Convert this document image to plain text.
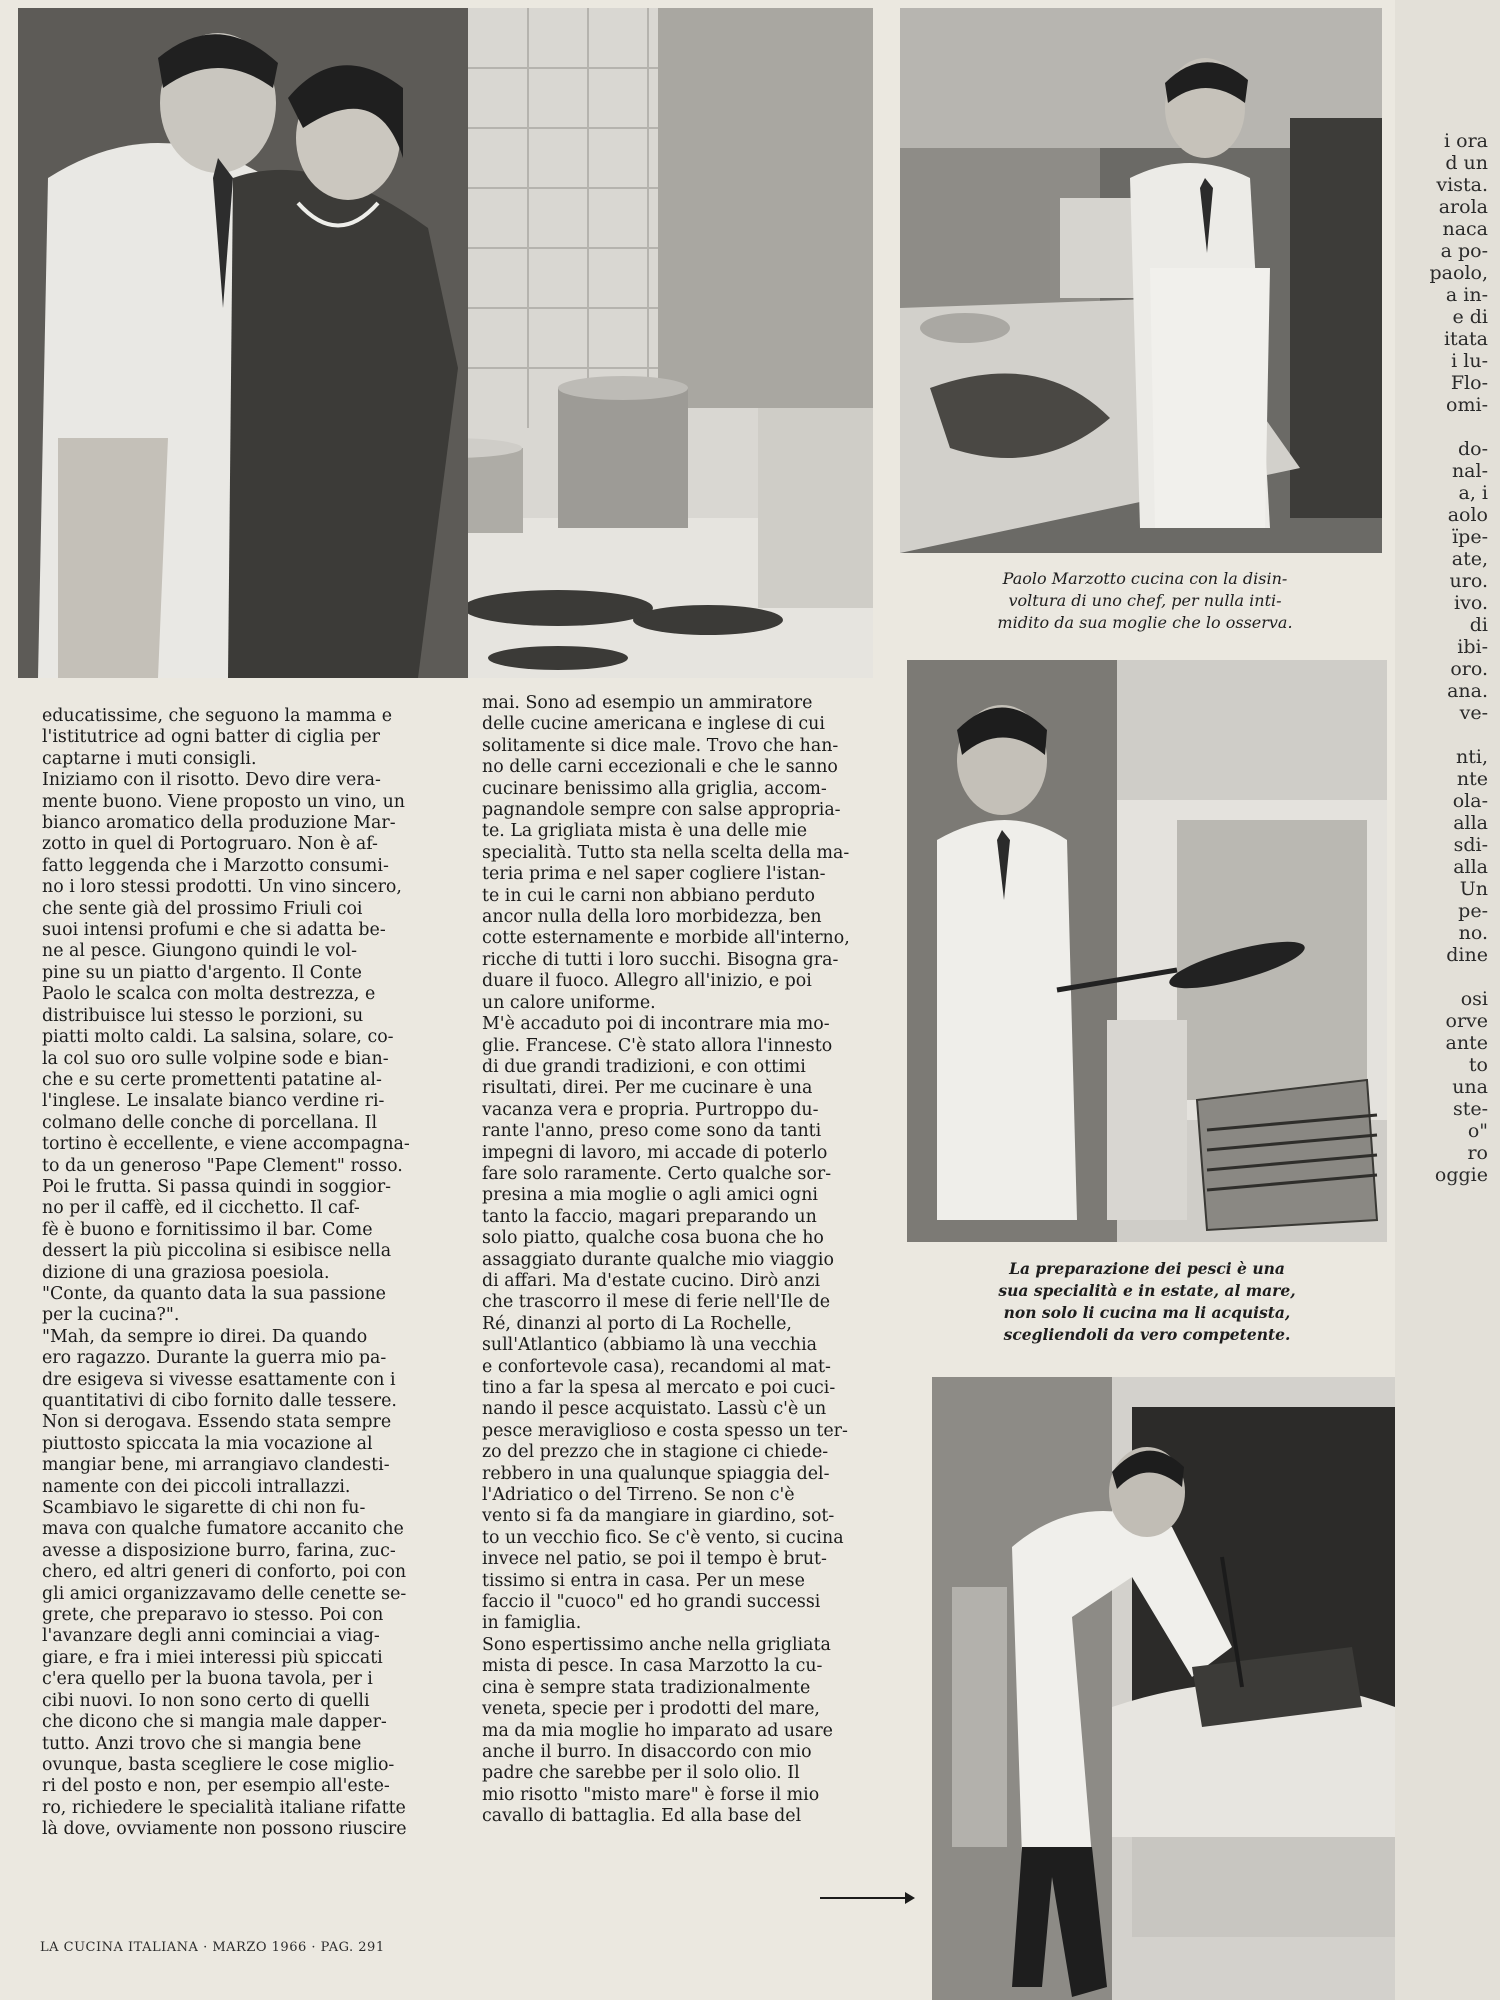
i ora
d un
vista.
arola
naca
a po-
paolo,
a in-
e di
itata
i lu-
Flo-
omi-
do-
nal-
a, i
aolo
ïpe-
ate,
uro.
ivo.
di
ibi-
oro.
ana.
ve-
nti,
nte
ola-
alla
sdi-
alla
Un
pe-
no.
dine
osi
orve
ante
to
una
ste-
o"
ro
oggie
Paolo Marzotto cucina con la disin-
voltura di uno chef, per nulla inti-
midito da sua moglie che lo osserva.
La preparazione dei pesci è una
sua specialità e in estate, al mare,
non solo li cucina ma li acquista,
scegliendoli da vero competente.
educatissime, che seguono la mamma e
l'istitutrice ad ogni batter di ciglia per
captarne i muti consigli.
Iniziamo con il risotto. Devo dire vera-
mente buono. Viene proposto un vino, un
bianco aromatico della produzione Mar-
zotto in quel di Portogruaro. Non è af-
fatto leggenda che i Marzotto consumi-
no i loro stessi prodotti. Un vino sincero,
che sente già del prossimo Friuli coi
suoi intensi profumi e che si adatta be-
ne al pesce. Giungono quindi le vol-
pine su un piatto d'argento. Il Conte
Paolo le scalca con molta destrezza, e
distribuisce lui stesso le porzioni, su
piatti molto caldi. La salsina, solare, co-
la col suo oro sulle volpine sode e bian-
che e su certe promettenti patatine al-
l'inglese. Le insalate bianco verdine ri-
colmano delle conche di porcellana. Il
tortino è eccellente, e viene accompagna-
to da un generoso "Pape Clement" rosso.
Poi le frutta. Si passa quindi in soggior-
no per il caffè, ed il cicchetto. Il caf-
fè è buono e fornitissimo il bar. Come
dessert la più piccolina si esibisce nella
dizione di una graziosa poesiola.
"Conte, da quanto data la sua passione
per la cucina?".
"Mah, da sempre io direi. Da quando
ero ragazzo. Durante la guerra mio pa-
dre esigeva si vivesse esattamente con i
quantitativi di cibo fornito dalle tessere.
Non si derogava. Essendo stata sempre
piuttosto spiccata la mia vocazione al
mangiar bene, mi arrangiavo clandesti-
namente con dei piccoli intrallazzi.
Scambiavo le sigarette di chi non fu-
mava con qualche fumatore accanito che
avesse a disposizione burro, farina, zuc-
chero, ed altri generi di conforto, poi con
gli amici organizzavamo delle cenette se-
grete, che preparavo io stesso. Poi con
l'avanzare degli anni cominciai a viag-
giare, e fra i miei interessi più spiccati
c'era quello per la buona tavola, per i
cibi nuovi. Io non sono certo di quelli
che dicono che si mangia male dapper-
tutto. Anzi trovo che si mangia bene
ovunque, basta scegliere le cose miglio-
ri del posto e non, per esempio all'este-
ro, richiedere le specialità italiane rifatte
là dove, ovviamente non possono riuscire
mai. Sono ad esempio un ammiratore
delle cucine americana e inglese di cui
solitamente si dice male. Trovo che han-
no delle carni eccezionali e che le sanno
cucinare benissimo alla griglia, accom-
pagnandole sempre con salse appropria-
te. La grigliata mista è una delle mie
specialità. Tutto sta nella scelta della ma-
teria prima e nel saper cogliere l'istan-
te in cui le carni non abbiano perduto
ancor nulla della loro morbidezza, ben
cotte esternamente e morbide all'interno,
ricche di tutti i loro succhi. Bisogna gra-
duare il fuoco. Allegro all'inizio, e poi
un calore uniforme.
M'è accaduto poi di incontrare mia mo-
glie. Francese. C'è stato allora l'innesto
di due grandi tradizioni, e con ottimi
risultati, direi. Per me cucinare è una
vacanza vera e propria. Purtroppo du-
rante l'anno, preso come sono da tanti
impegni di lavoro, mi accade di poterlo
fare solo raramente. Certo qualche sor-
presina a mia moglie o agli amici ogni
tanto la faccio, magari preparando un
solo piatto, qualche cosa buona che ho
assaggiato durante qualche mio viaggio
di affari. Ma d'estate cucino. Dirò anzi
che trascorro il mese di ferie nell'Ile de
Ré, dinanzi al porto di La Rochelle,
sull'Atlantico (abbiamo là una vecchia
e confortevole casa), recandomi al mat-
tino a far la spesa al mercato e poi cuci-
nando il pesce acquistato. Lassù c'è un
pesce meraviglioso e costa spesso un ter-
zo del prezzo che in stagione ci chiede-
rebbero in una qualunque spiaggia del-
l'Adriatico o del Tirreno. Se non c'è
vento si fa da mangiare in giardino, sot-
to un vecchio fico. Se c'è vento, si cucina
invece nel patio, se poi il tempo è brut-
tissimo si entra in casa. Per un mese
faccio il "cuoco" ed ho grandi successi
in famiglia.
Sono espertissimo anche nella grigliata
mista di pesce. In casa Marzotto la cu-
cina è sempre stata tradizionalmente
veneta, specie per i prodotti del mare,
ma da mia moglie ho imparato ad usare
anche il burro. In disaccordo con mio
padre che sarebbe per il solo olio. Il
mio risotto "misto mare" è forse il mio
cavallo di battaglia. Ed alla base del
LA CUCINA ITALIANA · MARZO 1966 · PAG. 291
